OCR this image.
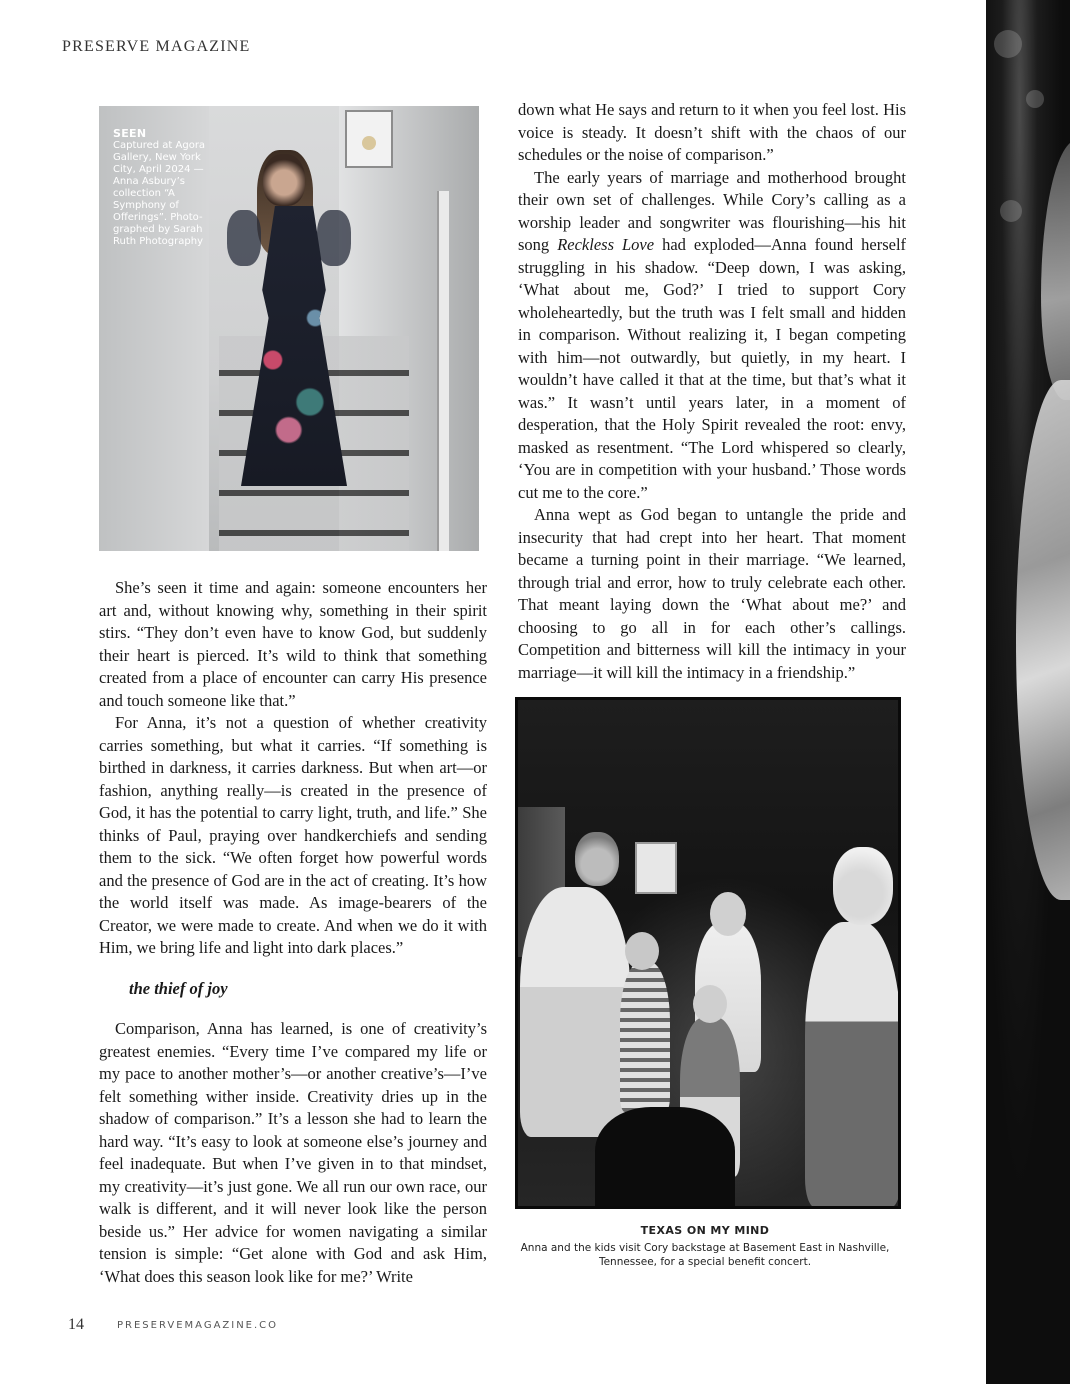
PRESERVE MAGAZINE
SEEN
Captured at Agora Gallery, New York City, April 2024 — Anna Asbury’s collection “A Symphony of Offerings”. Photo-graphed by Sarah Ruth Photography

She’s seen it time and again: someone encounters her art and, without knowing why, something in their spirit stirs. “They don’t even have to know God, but suddenly their heart is pierced. It’s wild to think that something created from a place of encounter can carry His presence and touch someone like that.”

For Anna, it’s not a question of whether creativity carries something, but what it carries. “If something is birthed in darkness, it carries darkness. But when art—or fashion, anything really—is created in the presence of God, it has the potential to carry light, truth, and life.” She thinks of Paul, praying over handkerchiefs and sending them to the sick. “We often forget how powerful words and the presence of God are in the act of creating. It’s how the world itself was made. As image-bearers of the Creator, we were made to create. And when we do it with Him, we bring life and light into dark places.”

the thief of joy

Comparison, Anna has learned, is one of creativity’s greatest enemies. “Every time I’ve compared my life or my pace to another mother’s—or another creative’s—I’ve felt something wither inside. Creativity dries up in the shadow of comparison.” It’s a lesson she had to learn the hard way. “It’s easy to look at someone else’s journey and feel inadequate. But when I’ve given in to that mindset, my creativity—it’s just gone. We all run our own race, our walk is different, and it will never look like the person beside us.” Her advice for women navigating a similar tension is simple: “Get alone with God and ask Him, ‘What does this season look like for me?’ Write

down what He says and return to it when you feel lost. His voice is steady. It doesn’t shift with the chaos of our schedules or the noise of comparison.”

The early years of marriage and motherhood brought their own set of challenges. While Cory’s calling as a worship leader and songwriter was flourishing—his hit song Reckless Love had exploded—Anna found herself struggling in his shadow. “Deep down, I was asking, ‘What about me, God?’ I tried to support Cory wholeheartedly, but the truth was I felt small and hidden in comparison. Without realizing it, I began competing with him—not outwardly, but quietly, in my heart. I wouldn’t have called it that at the time, but that’s what it was.” It wasn’t until years later, in a moment of desperation, that the Holy Spirit revealed the root: envy, masked as resentment. “The Lord whispered so clearly, ‘You are in competition with your husband.’ Those words cut me to the core.”

Anna wept as God began to untangle the pride and insecurity that had crept into her heart. That moment became a turning point in their marriage. “We learned, through trial and error, how to truly celebrate each other. That meant laying down the ‘What about me?’ and choosing to go all in for each other’s callings. Competition and bitterness will kill the intimacy in your marriage—it will kill the intimacy in a friendship.”

TEXAS ON MY MIND
Anna and the kids visit Cory backstage at Basement East in Nashville, Tennessee, for a special benefit concert.
14	PRESERVEMAGAZINE.CO
